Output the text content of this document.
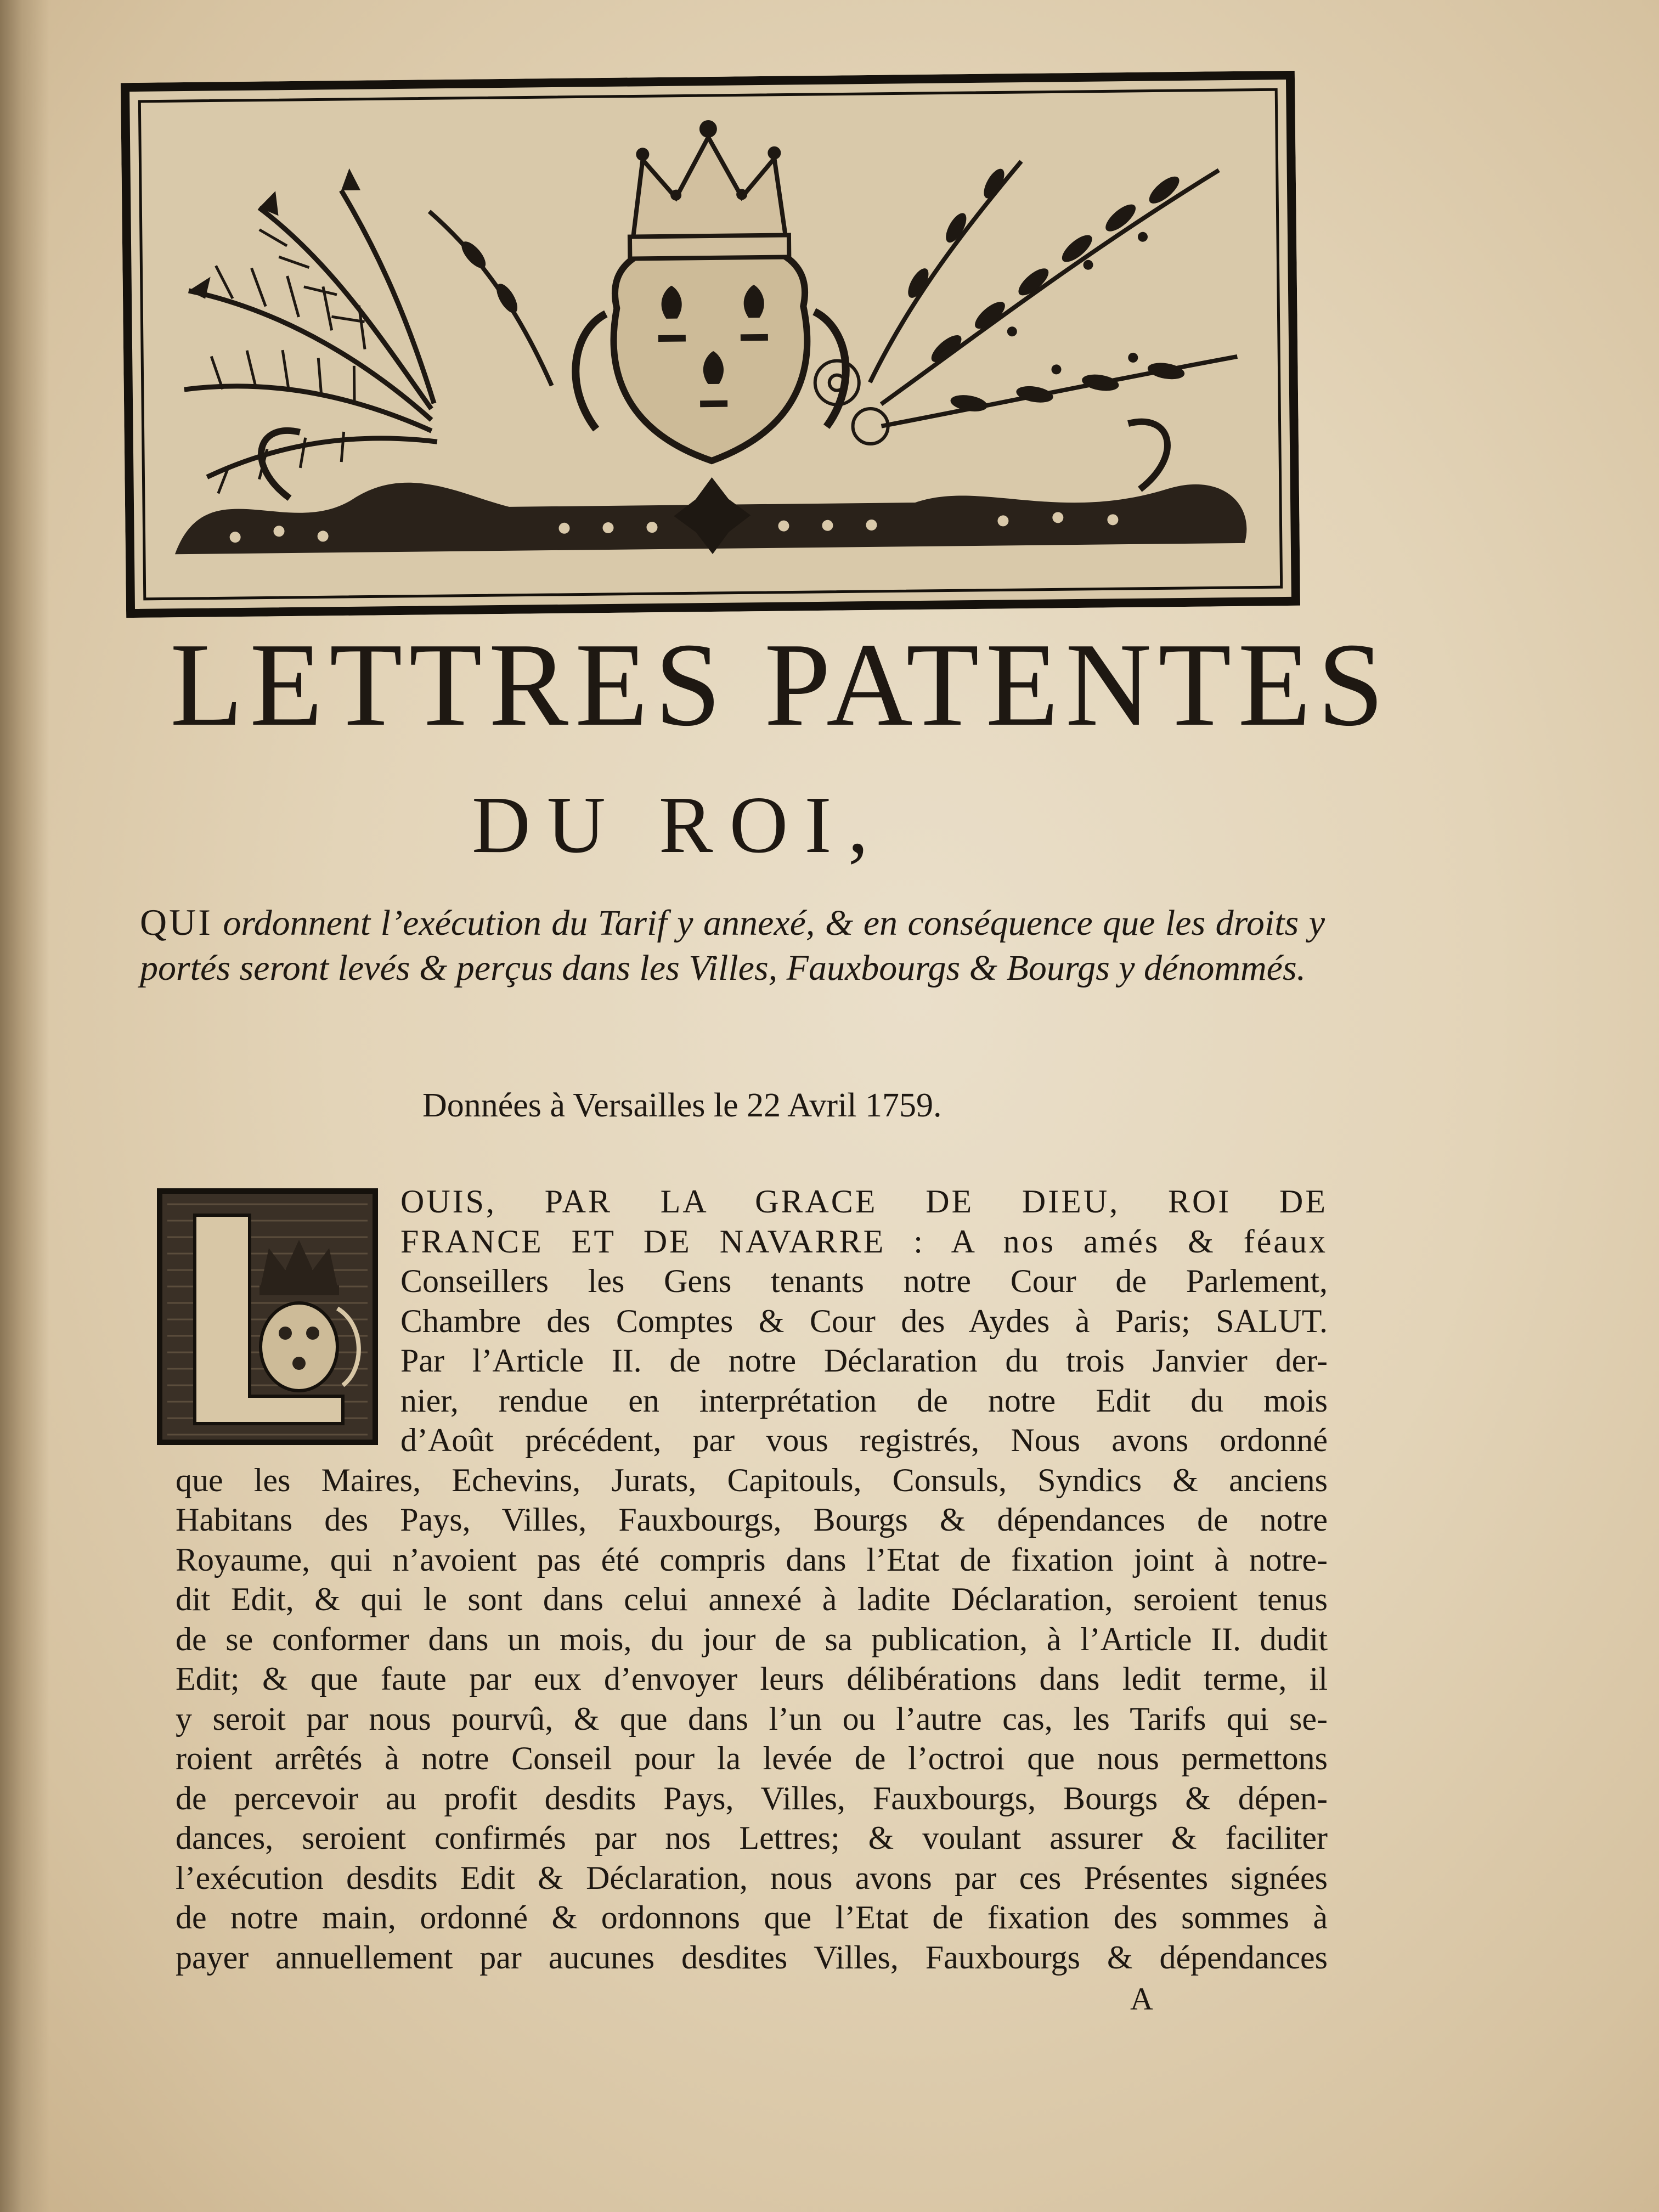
LETTRES PATENTES
DU ROI,
QUI ordonnent l’exécution du Tarif y annexé, & en conséquence que les droits y portés seront levés & perçus dans les Villes, Fauxbourgs & Bourgs y dénommés.
Données à Versailles le 22 Avril 1759.
OUIS, PAR LA GRACE DE DIEU, ROI DE
FRANCE ET DE NAVARRE : A nos amés & féaux
Conseillers les Gens tenants notre Cour de Parlement,
Chambre des Comptes & Cour des Aydes à Paris; SALUT.
Par l’Article II. de notre Déclaration du trois Janvier der-
nier, rendue en interprétation de notre Edit du mois
d’Août précédent, par vous registrés, Nous avons ordonné
que les Maires, Echevins, Jurats, Capitouls, Consuls, Syndics & anciens
Habitans des Pays, Villes, Fauxbourgs, Bourgs & dépendances de notre
Royaume, qui n’avoient pas été compris dans l’Etat de fixation joint à notre-
dit Edit, & qui le sont dans celui annexé à ladite Déclaration, seroient tenus
de se conformer dans un mois, du jour de sa publication, à l’Article II. dudit
Edit; & que faute par eux d’envoyer leurs délibérations dans ledit terme, il
y seroit par nous pourvû, & que dans l’un ou l’autre cas, les Tarifs qui se-
roient arrêtés à notre Conseil pour la levée de l’octroi que nous permettons
de percevoir au profit desdits Pays, Villes, Fauxbourgs, Bourgs & dépen-
dances, seroient confirmés par nos Lettres; & voulant assurer & faciliter
l’exécution desdits Edit & Déclaration, nous avons par ces Présentes signées
de notre main, ordonné & ordonnons que l’Etat de fixation des sommes à
payer annuellement par aucunes desdites Villes, Fauxbourgs & dépendances
A
